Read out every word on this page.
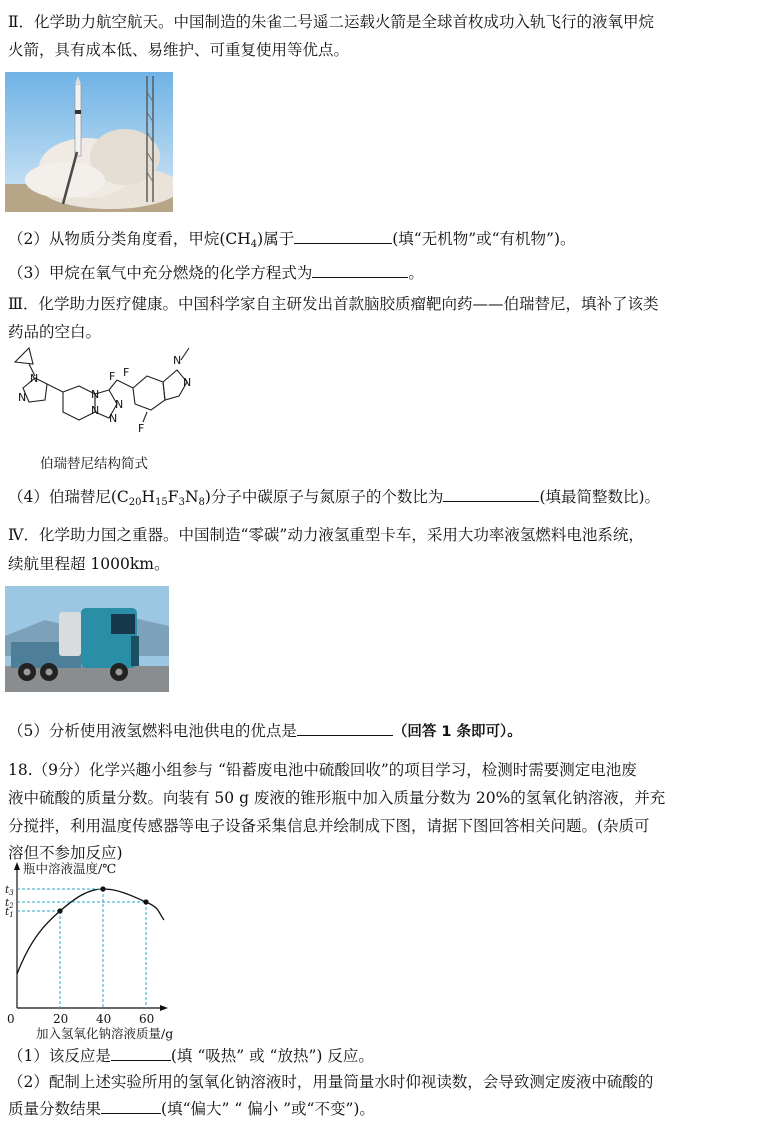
Ⅱ．化学助力航空航天。中国制造的朱雀二号遥二运载火箭是全球首枚成功入轨飞行的液氧甲烷
火箭，具有成本低、易维护、可重复使用等优点。
（2）从物质分类角度看，甲烷$(CH_4)$属于	(填“无机物”或“有机物”)。
（3）甲烷在氧气中充分燃烧的化学方程式为	。
Ⅲ．化学助力医疗健康。中国科学家自主研发出首款脑胶质瘤靶向药——伯瑞替尼，填补了该类
药品的空白。
N
N	N
N
N
N
N
N
F F
F
伯瑞替尼结构简式
（4）伯瑞替尼$(C_{20}H_{15}F_3N_8)$分子中碳原子与氮原子的个数比为	(填最简整数比)。
Ⅳ．化学助力国之重器。中国制造“零碳”动力液氢重型卡车，采用大功率液氢燃料电池系统，
续航里程超 1000km。
（5）分析使用液氢燃料电池供电的优点是	（回答 1 条即可）。
18.（9分）化学兴趣小组参与 “铅蓄废电池中硫酸回收”的项目学习，检测时需要测定电池废
液中硫酸的质量分数。向装有 50 g 废液的锥形瓶中加入质量分数为 20%的氢氧化钠溶液，并充
分搅拌，利用温度传感器等电子设备采集信息并绘制成下图，请据下图回答相关问题。(杂质可
溶但不参加反应)
瓶中溶液温度/℃
t3
t2
t1
0	20 40 60
加入氢氧化钠溶液质量/g
（1）该反应是	(填 “吸热” 或 “放热”) 反应。
（2）配制上述实验所用的氢氧化钠溶液时，用量筒量水时仰视读数，会导致测定废液中硫酸的
质量分数结果	(填“偏大” “ 偏小 ”或“不变”)。
